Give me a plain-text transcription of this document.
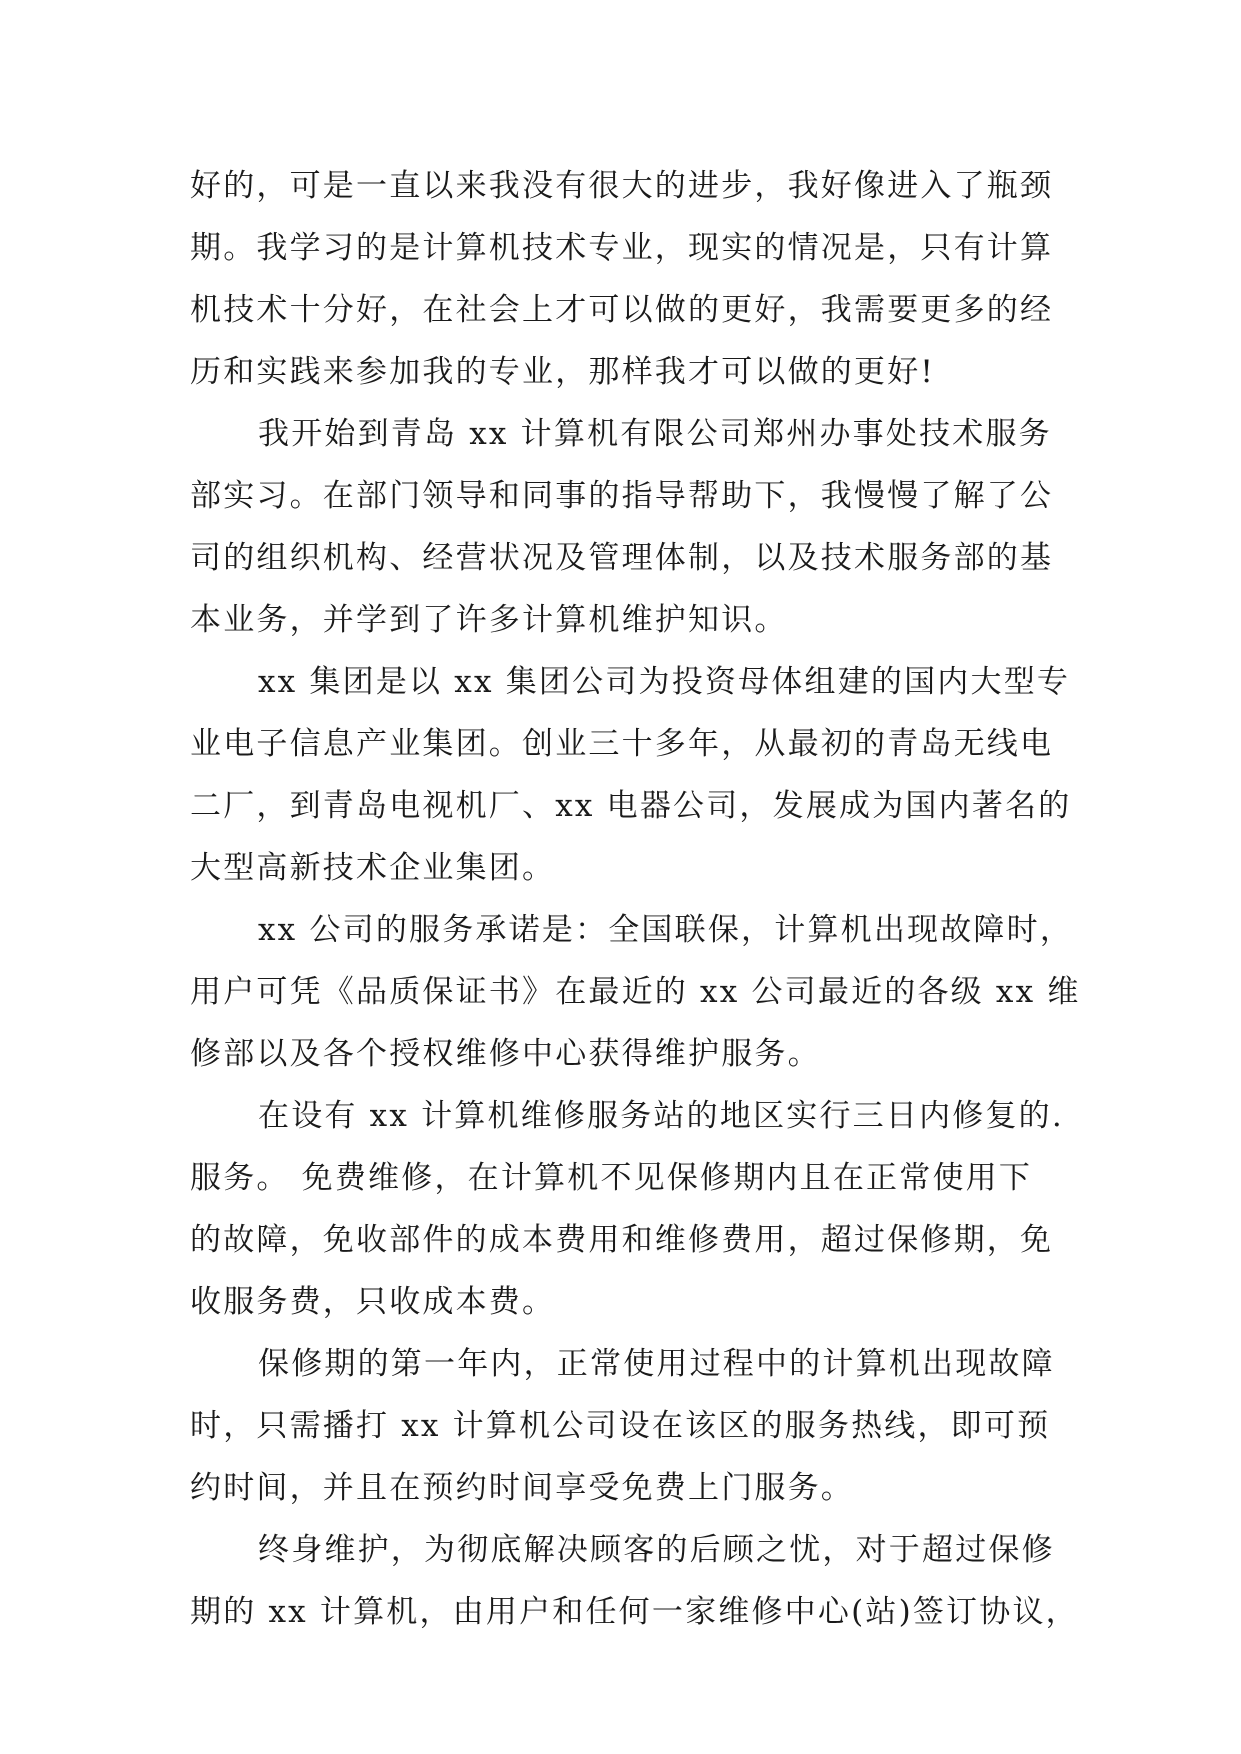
好的，可是一直以来我没有很大的进步，我好像进入了瓶颈
期。我学习的是计算机技术专业，现实的情况是，只有计算
机技术十分好，在社会上才可以做的更好，我需要更多的经
历和实践来参加我的专业，那样我才可以做的更好!
我开始到青岛 xx 计算机有限公司郑州办事处技术服务
部实习。在部门领导和同事的指导帮助下，我慢慢了解了公
司的组织机构、经营状况及管理体制，以及技术服务部的基
本业务，并学到了许多计算机维护知识。
xx 集团是以 xx 集团公司为投资母体组建的国内大型专
业电子信息产业集团。创业三十多年，从最初的青岛无线电
二厂，到青岛电视机厂、xx 电器公司，发展成为国内著名的
大型高新技术企业集团。
xx 公司的服务承诺是：全国联保，计算机出现故障时，
用户可凭《品质保证书》在最近的 xx 公司最近的各级 xx 维
修部以及各个授权维修中心获得维护服务。
在设有 xx 计算机维修服务站的地区实行三日内修复的.
服务。 免费维修，在计算机不见保修期内且在正常使用下
的故障，免收部件的成本费用和维修费用，超过保修期，免
收服务费，只收成本费。
保修期的第一年内，正常使用过程中的计算机出现故障
时，只需播打 xx 计算机公司设在该区的服务热线，即可预
约时间，并且在预约时间享受免费上门服务。
终身维护，为彻底解决顾客的后顾之忧，对于超过保修
期的 xx 计算机，由用户和任何一家维修中心(站)签订协议，
